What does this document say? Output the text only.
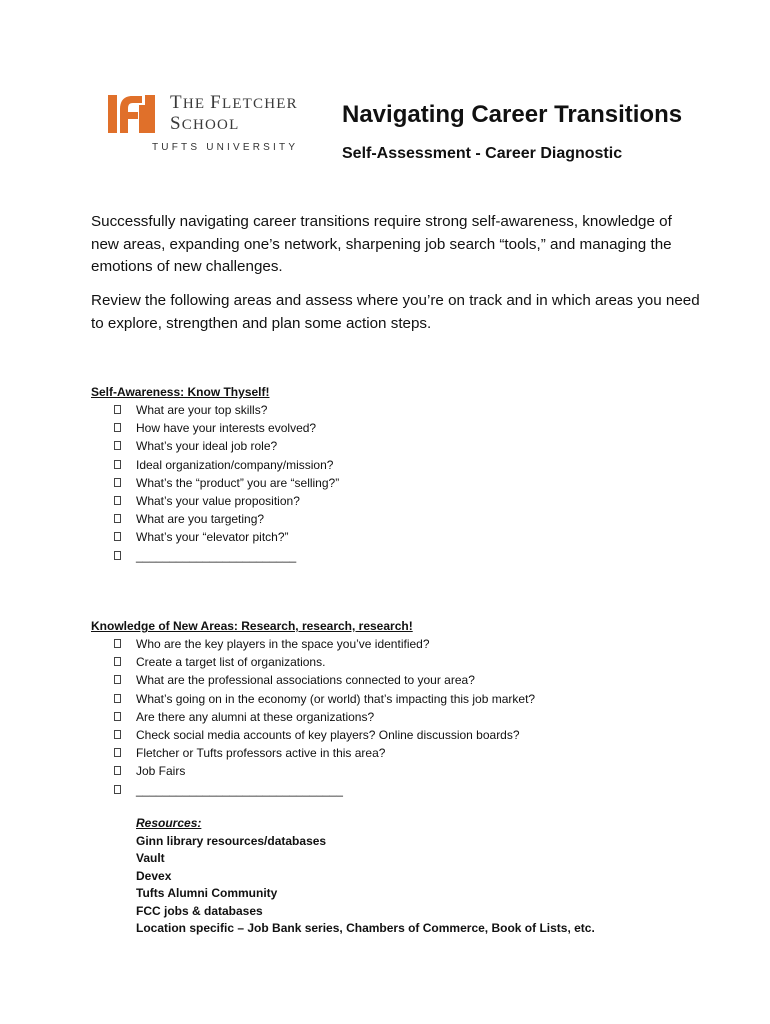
THE FLETCHER
SCHOOL
TUFTS UNIVERSITY
Navigating Career Transitions
Self-Assessment - Career Diagnostic

Successfully navigating career transitions require strong self-awareness, knowledge of new areas, expanding one’s network, sharpening job search “tools,” and managing the emotions of new challenges.

Review the following areas and assess where you’re on track and in which areas you need to explore, strengthen and plan some action steps.

Self-Awareness: Know Thyself!
What are your top skills?
How have your interests evolved?
What’s your ideal job role?
Ideal organization/company/mission?
What’s the “product” you are “selling?”
What’s your value proposition?
What are you targeting?
What’s your “elevator pitch?”
________________________
Knowledge of New Areas: Research, research, research!
Who are the key players in the space you’ve identified?
Create a target list of organizations.
What are the professional associations connected to your area?
What’s going on in the economy (or world) that’s impacting this job market?
Are there any alumni at these organizations?
Check social media accounts of key players? Online discussion boards?
Fletcher or Tufts professors active in this area?
Job Fairs
_______________________________
Resources:
Ginn library resources/databases
Vault
Devex
Tufts Alumni Community
FCC jobs & databases
Location specific – Job Bank series, Chambers of Commerce, Book of Lists, etc.
